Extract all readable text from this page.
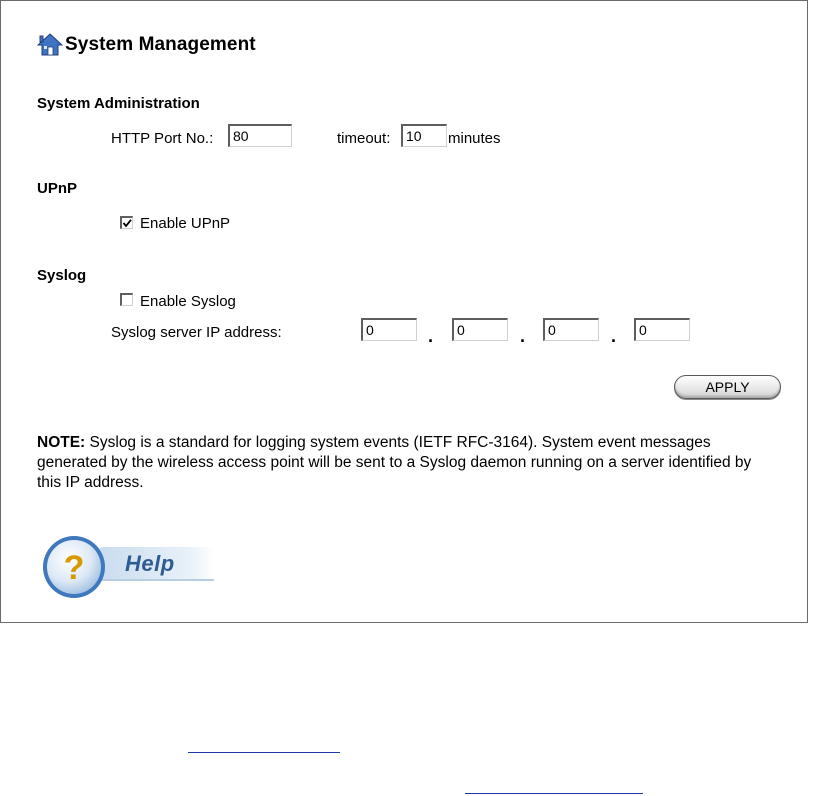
System Management
System Administration
HTTP Port No.:
80	timeout:
10	minutes
UPnP
Enable UPnP
Syslog
Enable Syslog
Syslog server IP address:
0	.
0	.
0	.
0
APPLY
NOTE: Syslog is a standard for logging system events (IETF RFC-3164). System event messages generated by the wireless access point will be sent to a Syslog daemon running on a server identified by this IP address.
? Help
